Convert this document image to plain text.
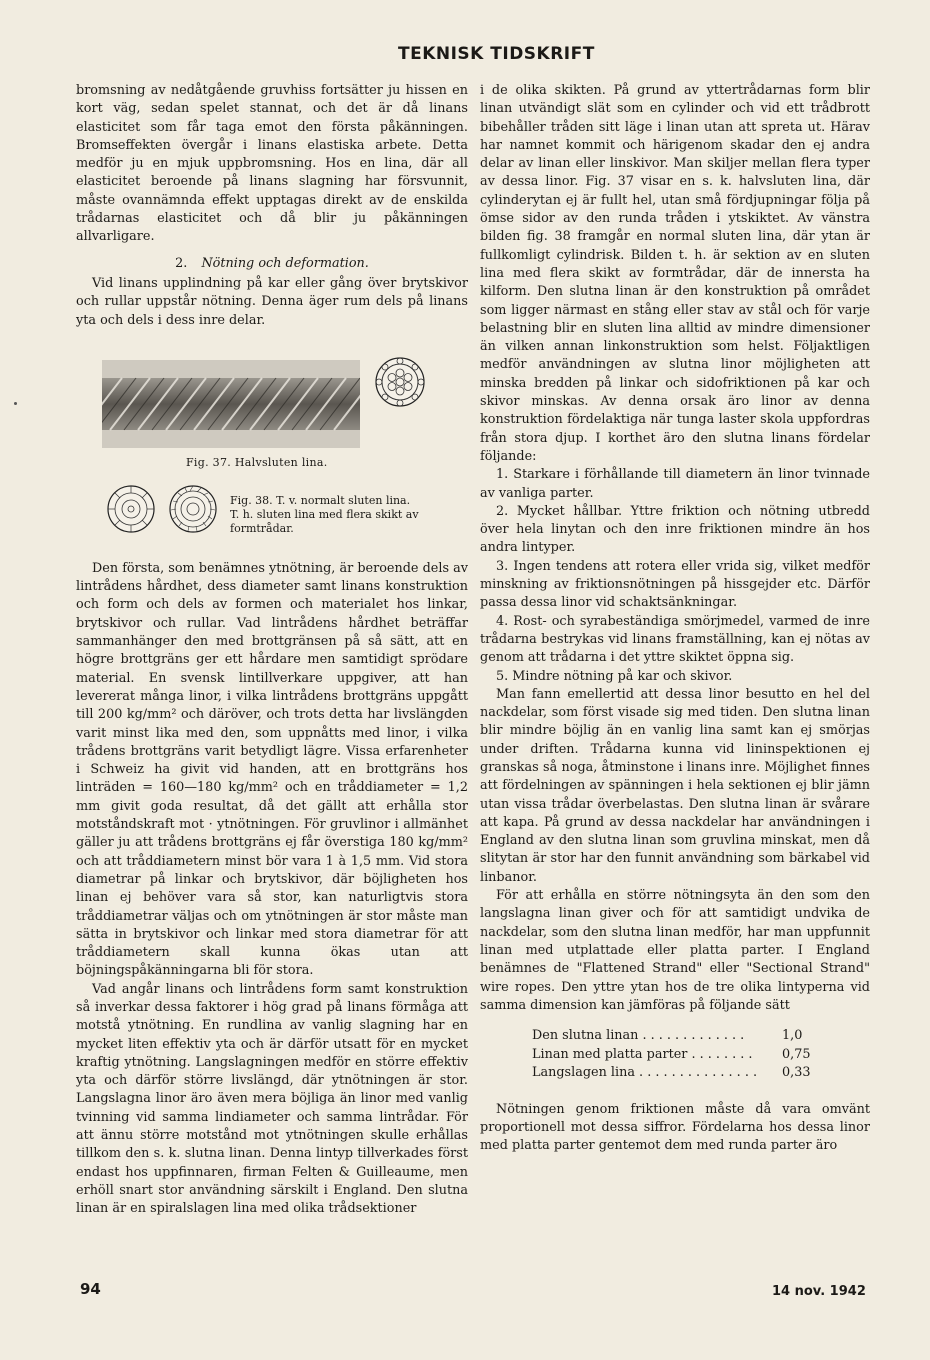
TEKNISK TIDSKRIFT

bromsning av nedåtgående gruvhiss fortsätter ju hissen en kort väg, sedan spelet stannat, och det är då linans elasticitet som får taga emot den första påkänningen. Bromseffekten övergår i linans elastiska arbete. Detta medför ju en mjuk uppbromsning. Hos en lina, där all elasticitet beroende på linans slagning har försvunnit, måste ovannämnda effekt upptagas direkt av de enskilda trådarnas elasticitet och då blir ju påkänningen allvarligare.

2. Nötning och deformation.

Vid linans upplindning på kar eller gång över brytskivor och rullar uppstår nötning. Denna äger rum dels på linans yta och dels i dess inre delar.

Fig. 37. Halvsluten lina.
Fig. 38. T. v. normalt sluten lina.
T. h. sluten lina med flera skikt av formtrådar.

Den första, som benämnes ytnötning, är beroende dels av lintrådens hårdhet, dess diameter samt linans konstruktion och form och dels av formen och materialet hos linkar, brytskivor och rullar. Vad lintrådens hårdhet beträffar sammanhänger den med brottgränsen på så sätt, att en högre brottgräns ger ett hårdare men samtidigt sprödare material. En svensk lintillverkare uppgiver, att han levererat många linor, i vilka lintrådens brottgräns uppgått till 200 kg/mm² och däröver, och trots detta har livslängden varit minst lika med den, som uppnåtts med linor, i vilka trådens brottgräns varit betydligt lägre. Vissa erfarenheter i Schweiz ha givit vid handen, att en brottgräns hos linträden = 160—180 kg/mm² och en tråddiameter = 1,2 mm givit goda resultat, då det gällt att erhålla stor motståndskraft mot · ytnötningen. För gruvlinor i allmänhet gäller ju att trådens brottgräns ej får överstiga 180 kg/mm² och att tråddiametern minst bör vara 1 à 1,5 mm. Vid stora diametrar på linkar och brytskivor, där böjligheten hos linan ej behöver vara så stor, kan naturligtvis stora tråddiametrar väljas och om ytnötningen är stor måste man sätta in brytskivor och linkar med stora diametrar för att tråddiametern skall kunna ökas utan att böjningspåkänningarna bli för stora.

Vad angår linans och lintrådens form samt konstruktion så inverkar dessa faktorer i hög grad på linans förmåga att motstå ytnötning. En rundlina av vanlig slagning har en mycket liten effektiv yta och är därför utsatt för en mycket kraftig ytnötning. Langslagningen medför en större effektiv yta och därför större livslängd, där ytnötningen är stor. Langslagna linor äro även mera böjliga än linor med vanlig tvinning vid samma lindiameter och samma lintrådar. För att ännu större motstånd mot ytnötningen skulle erhållas tillkom den s. k. slutna linan. Denna lintyp tillverkades först endast hos uppfinnaren, firman Felten & Guilleaume, men erhöll snart stor användning särskilt i England. Den slutna linan är en spiralslagen lina med olika trådsektioner

i de olika skikten. På grund av yttertrådarnas form blir linan utvändigt slät som en cylinder och vid ett trådbrott bibehåller tråden sitt läge i linan utan att spreta ut. Härav har namnet kommit och härigenom skadar den ej andra delar av linan eller linskivor. Man skiljer mellan flera typer av dessa linor. Fig. 37 visar en s. k. halvsluten lina, där cylinderytan ej är fullt hel, utan små fördjupningar följa på ömse sidor av den runda tråden i ytskiktet. Av vänstra bilden fig. 38 framgår en normal sluten lina, där ytan är fullkomligt cylindrisk. Bilden t. h. är sektion av en sluten lina med flera skikt av formtrådar, där de innersta ha kilform. Den slutna linan är den konstruktion på området som ligger närmast en stång eller stav av stål och för varje belastning blir en sluten lina alltid av mindre dimensioner än vilken annan linkonstruktion som helst. Följaktligen medför användningen av slutna linor möjligheten att minska bredden på linkar och sidofriktionen på kar och skivor minskas. Av denna orsak äro linor av denna konstruktion fördelaktiga när tunga laster skola uppfordras från stora djup. I korthet äro den slutna linans fördelar följande:

1. Starkare i förhållande till diametern än linor tvinnade av vanliga parter.

2. Mycket hållbar. Yttre friktion och nötning utbredd över hela linytan och den inre friktionen mindre än hos andra lintyper.

3. Ingen tendens att rotera eller vrida sig, vilket medför minskning av friktionsnötningen på hissgejder etc. Därför passa dessa linor vid schaktsänkningar.

4. Rost- och syrabeständiga smörjmedel, varmed de inre trådarna bestrykas vid linans framställning, kan ej nötas av genom att trådarna i det yttre skiktet öppna sig.

5. Mindre nötning på kar och skivor.

Man fann emellertid att dessa linor besutto en hel del nackdelar, som först visade sig med tiden. Den slutna linan blir mindre böjlig än en vanlig lina samt kan ej smörjas under driften. Trådarna kunna vid lininspektionen ej granskas så noga, åtminstone i linans inre. Möjlighet finnes att fördelningen av spänningen i hela sektionen ej blir jämn utan vissa trådar överbelastas. Den slutna linan är svårare att kapa. På grund av dessa nackdelar har användningen i England av den slutna linan som gruvlina minskat, men då slitytan är stor har den funnit användning som bärkabel vid linbanor.

För att erhålla en större nötningsyta än den som den langslagna linan giver och för att samtidigt undvika de nackdelar, som den slutna linan medför, har man uppfunnit linan med utplattade eller platta parter. I England benämnes de "Flattened Strand" eller "Sectional Strand" wire ropes. Den yttre ytan hos de tre olika lintyperna vid samma dimension kan jämföras på följande sätt

Den slutna linan . . . . . . . . . . . . .	1,0
Linan med platta parter . . . . . . . . 0,75
Langslagen lina . . . . . . . . . . . . . . . 0,33

Nötningen genom friktionen måste då vara omvänt proportionell mot dessa siffror. Fördelarna hos dessa linor med platta parter gentemot dem med runda parter äro

94	14 nov. 1942
